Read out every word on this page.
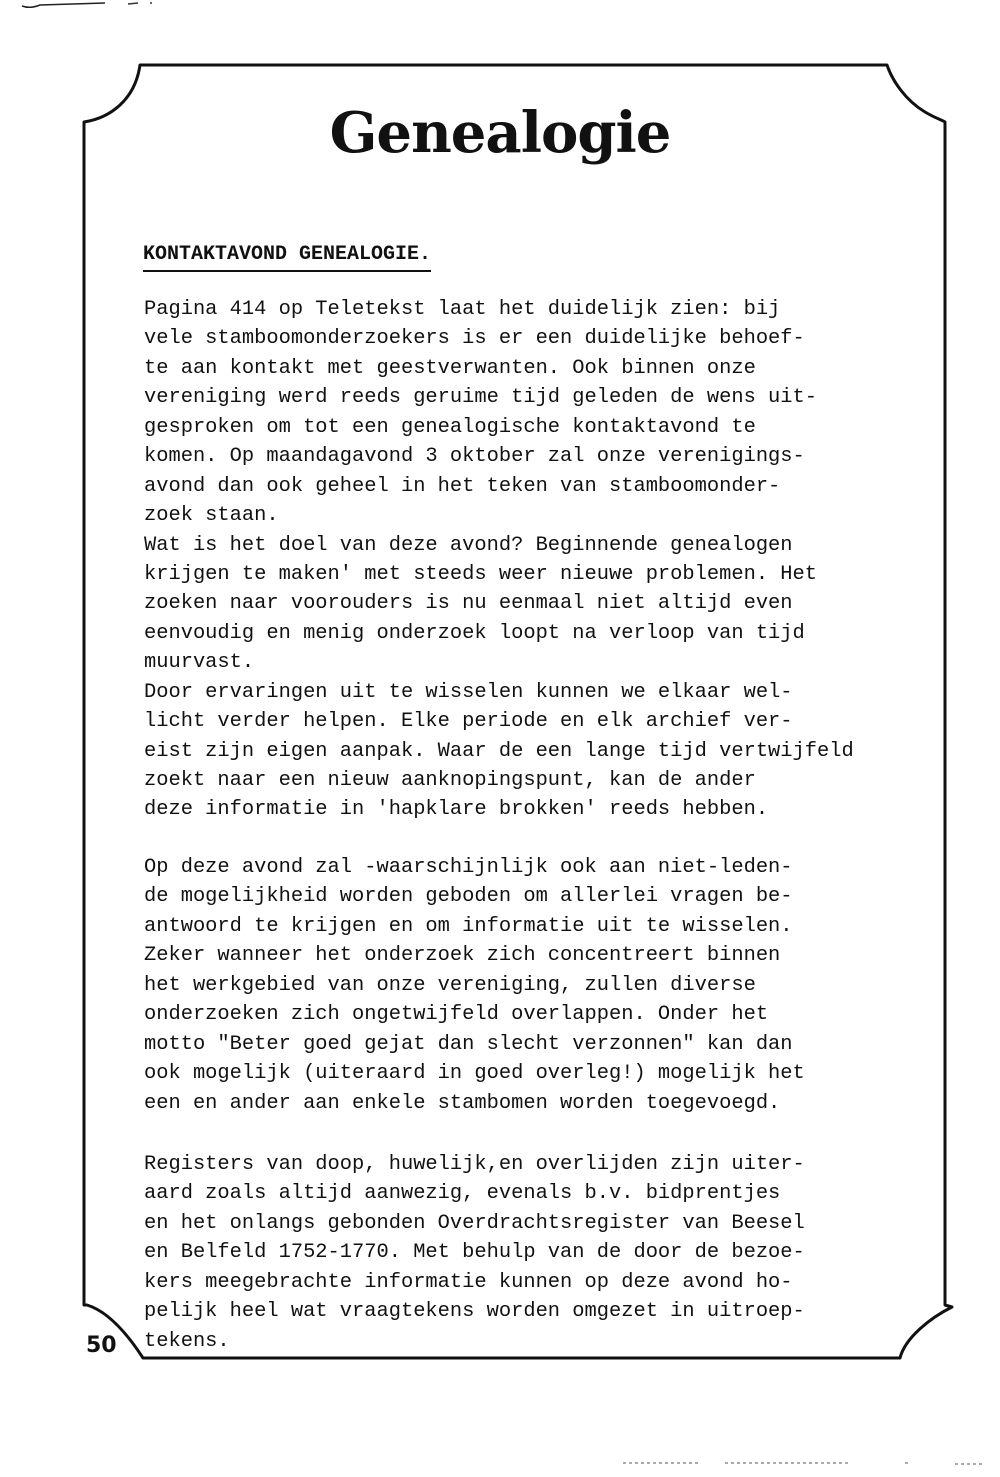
Genealogie
KONTAKTAVOND GENEALOGIE.
Pagina 414 op Teletekst laat het duidelijk zien: bij
vele stamboomonderzoekers is er een duidelijke behoef-
te aan kontakt met geestverwanten. Ook binnen onze
vereniging werd reeds geruime tijd geleden de wens uit-
gesproken om tot een genealogische kontaktavond te
komen. Op maandagavond 3 oktober zal onze verenigings-
avond dan ook geheel in het teken van stamboomonder-
zoek staan.
Wat is het doel van deze avond? Beginnende genealogen
krijgen te maken' met steeds weer nieuwe problemen. Het
zoeken naar voorouders is nu eenmaal niet altijd even
eenvoudig en menig onderzoek loopt na verloop van tijd
muurvast.
Door ervaringen uit te wisselen kunnen we elkaar wel-
licht verder helpen. Elke periode en elk archief ver-
eist zijn eigen aanpak. Waar de een lange tijd vertwijfeld
zoekt naar een nieuw aanknopingspunt, kan de ander
deze informatie in 'hapklare brokken' reeds hebben.
Op deze avond zal -waarschijnlijk ook aan niet-leden-
de mogelijkheid worden geboden om allerlei vragen be-
antwoord te krijgen en om informatie uit te wisselen.
Zeker wanneer het onderzoek zich concentreert binnen
het werkgebied van onze vereniging, zullen diverse
onderzoeken zich ongetwijfeld overlappen. Onder het
motto "Beter goed gejat dan slecht verzonnen" kan dan
ook mogelijk (uiteraard in goed overleg!) mogelijk het
een en ander aan enkele stambomen worden toegevoegd.
Registers van doop, huwelijk,en overlijden zijn uiter-
aard zoals altijd aanwezig, evenals b.v. bidprentjes
en het onlangs gebonden Overdrachtsregister van Beesel
en Belfeld 1752-1770. Met behulp van de door de bezoe-
kers meegebrachte informatie kunnen op deze avond ho-
pelijk heel wat vraagtekens worden omgezet in uitroep-
tekens.
50
